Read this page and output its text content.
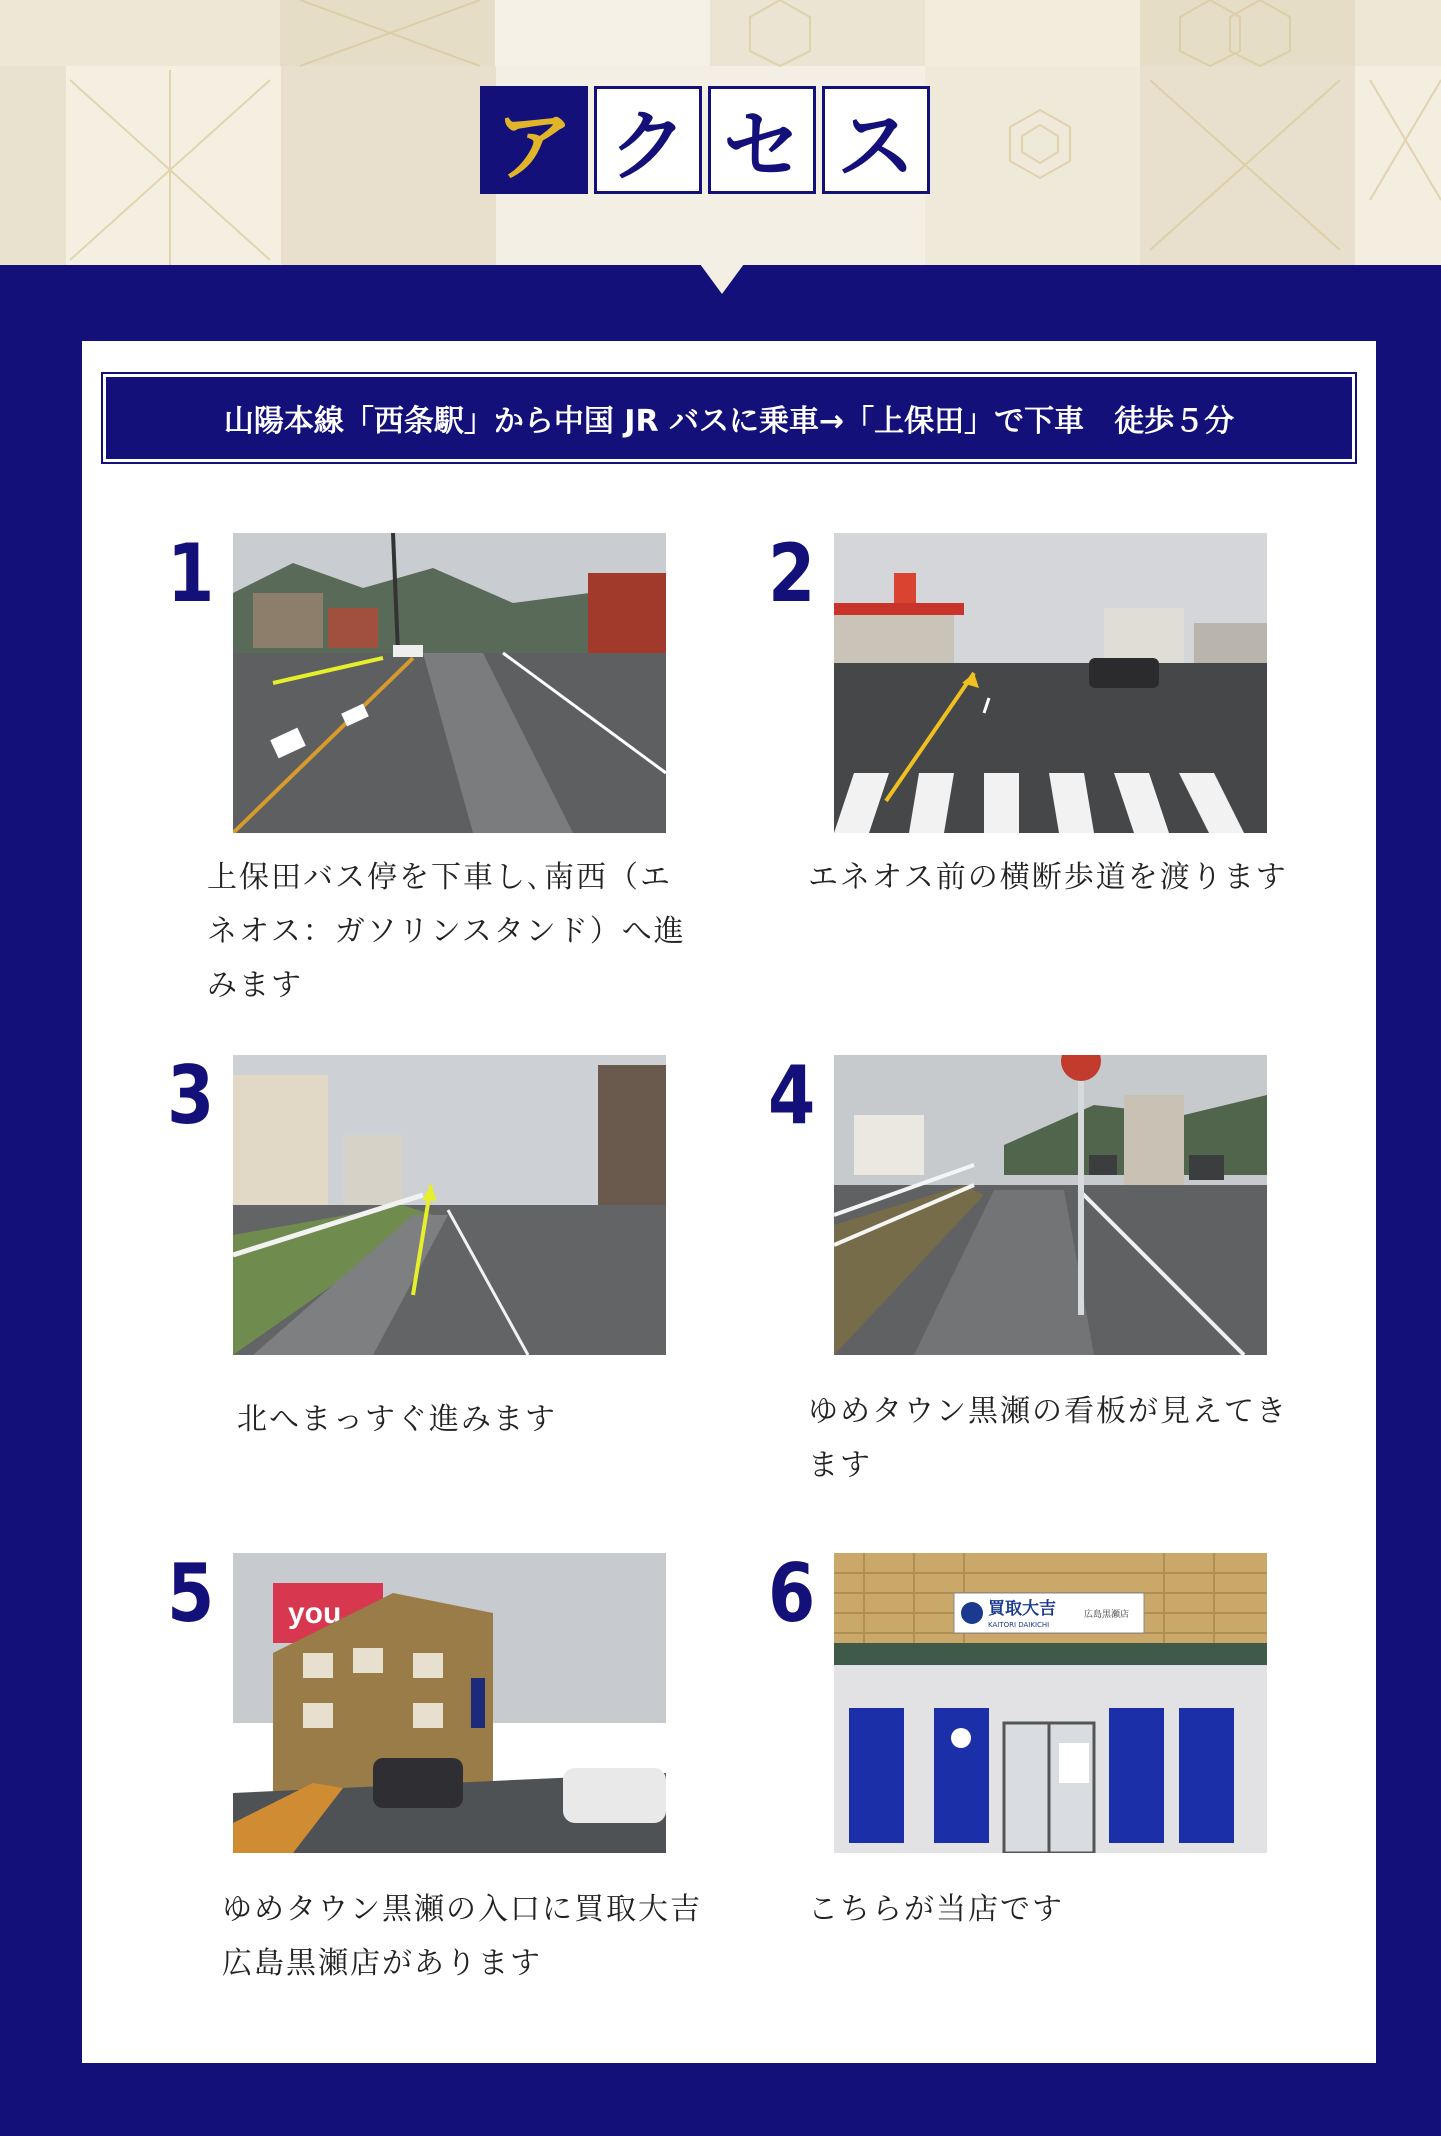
ア ク セ ス
山陽本線「西条駅」から中国 JR バスに乗車→「上保田」で下車　徒歩５分
1
上保田バス停を下車し､南西（エネオス：ガソリンスタンド）へ進みます
2
エネオス前の横断歩道を渡ります
3
北へまっすぐ進みます
4
ゆめタウン黒瀬の看板が見えてきます
5 you
ゆめタウン黒瀬の入口に買取大吉 広島黒瀬店があります
6	買取大吉
KAITORI DAIKICHI
広島黒瀬店
こちらが当店です
